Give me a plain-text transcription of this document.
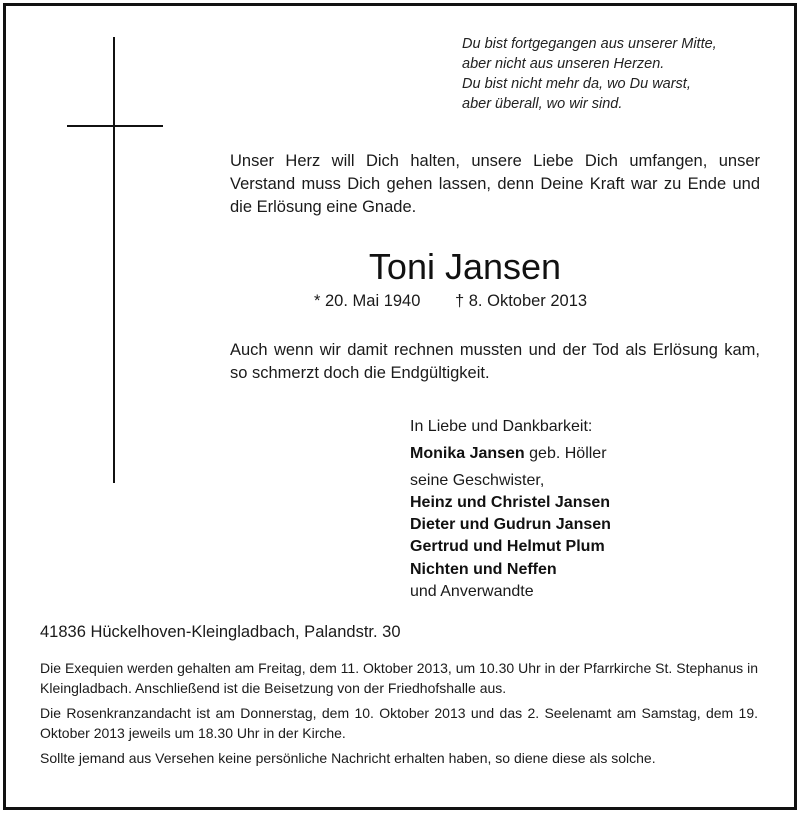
Du bist fortgegangen aus unserer Mitte,
aber nicht aus unseren Herzen.
Du bist nicht mehr da, wo Du warst,
aber überall, wo wir sind.
Unser Herz will Dich halten, unsere Liebe Dich umfangen, unser Verstand muss Dich gehen lassen, denn Deine Kraft war zu Ende und die Erlösung eine Gnade.
Toni Jansen
* 20. Mai 1940 † 8. Oktober 2013
Auch wenn wir damit rechnen mussten und der Tod als Erlösung kam, so schmerzt doch die Endgültigkeit.
In Liebe und Dankbarkeit:
Monika Jansen geb. Höller
seine Geschwister,
Heinz und Christel Jansen
Dieter und Gudrun Jansen
Gertrud und Helmut Plum
Nichten und Neffen
und Anverwandte
41836 Hückelhoven-Kleingladbach, Palandstr. 30
Die Exequien werden gehalten am Freitag, dem 11. Oktober 2013, um 10.30 Uhr in der Pfarrkirche St. Stephanus in Kleingladbach. Anschließend ist die Beisetzung von der Friedhofshalle aus.
Die Rosenkranzandacht ist am Donnerstag, dem 10. Oktober 2013 und das 2. Seelenamt am Samstag, dem 19. Oktober 2013 jeweils um 18.30 Uhr in der Kirche.
Sollte jemand aus Versehen keine persönliche Nachricht erhalten haben, so diene diese als solche.
